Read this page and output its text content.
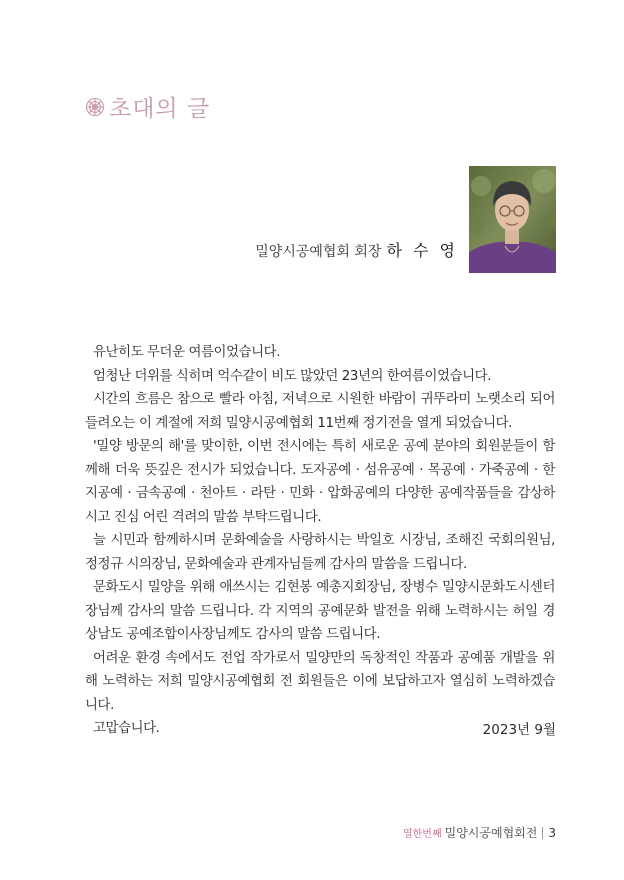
초대의 글
밀양시공예협회 회장 하 수 영

유난히도 무더운 여름이었습니다.

엄청난 더위를 식히며 억수같이 비도 많았던 23년의 한여름이었습니다.

시간의 흐름은 참으로 빨라 아침, 저녁으로 시원한 바람이 귀뚜라미 노랫소리 되어 들려오는 이 계절에 저희 밀양시공예협회 11번째 정기전을 열게 되었습니다.

'밀양 방문의 해'를 맞이한, 이번 전시에는 특히 새로운 공예 분야의 회원분들이 함께해 더욱 뜻깊은 전시가 되었습니다. 도자공예 · 섬유공예 · 목공예 · 가죽공예 · 한지공예 · 금속공예 · 천아트 · 라탄 · 민화 · 압화공예의 다양한 공예작품들을 감상하시고 진심 어린 격려의 말씀 부탁드립니다.

늘 시민과 함께하시며 문화예술을 사랑하시는 박일호 시장님, 조해진 국회의원님, 정정규 시의장님, 문화예술과 관계자님들께 감사의 말씀을 드립니다.

문화도시 밀양을 위해 애쓰시는 김현봉 예총지회장님, 장병수 밀양시문화도시센터장님께 감사의 말씀 드립니다. 각 지역의 공예문화 발전을 위해 노력하시는 허일 경상남도 공예조합이사장님께도 감사의 말씀 드립니다.

어려운 환경 속에서도 전업 작가로서 밀양만의 독창적인 작품과 공예품 개발을 위해 노력하는 저희 밀양시공예협회 전 회원들은 이에 보답하고자 열심히 노력하겠습니다.

고맙습니다.	2023년 9월
열한번째 밀양시공예협회전 3
